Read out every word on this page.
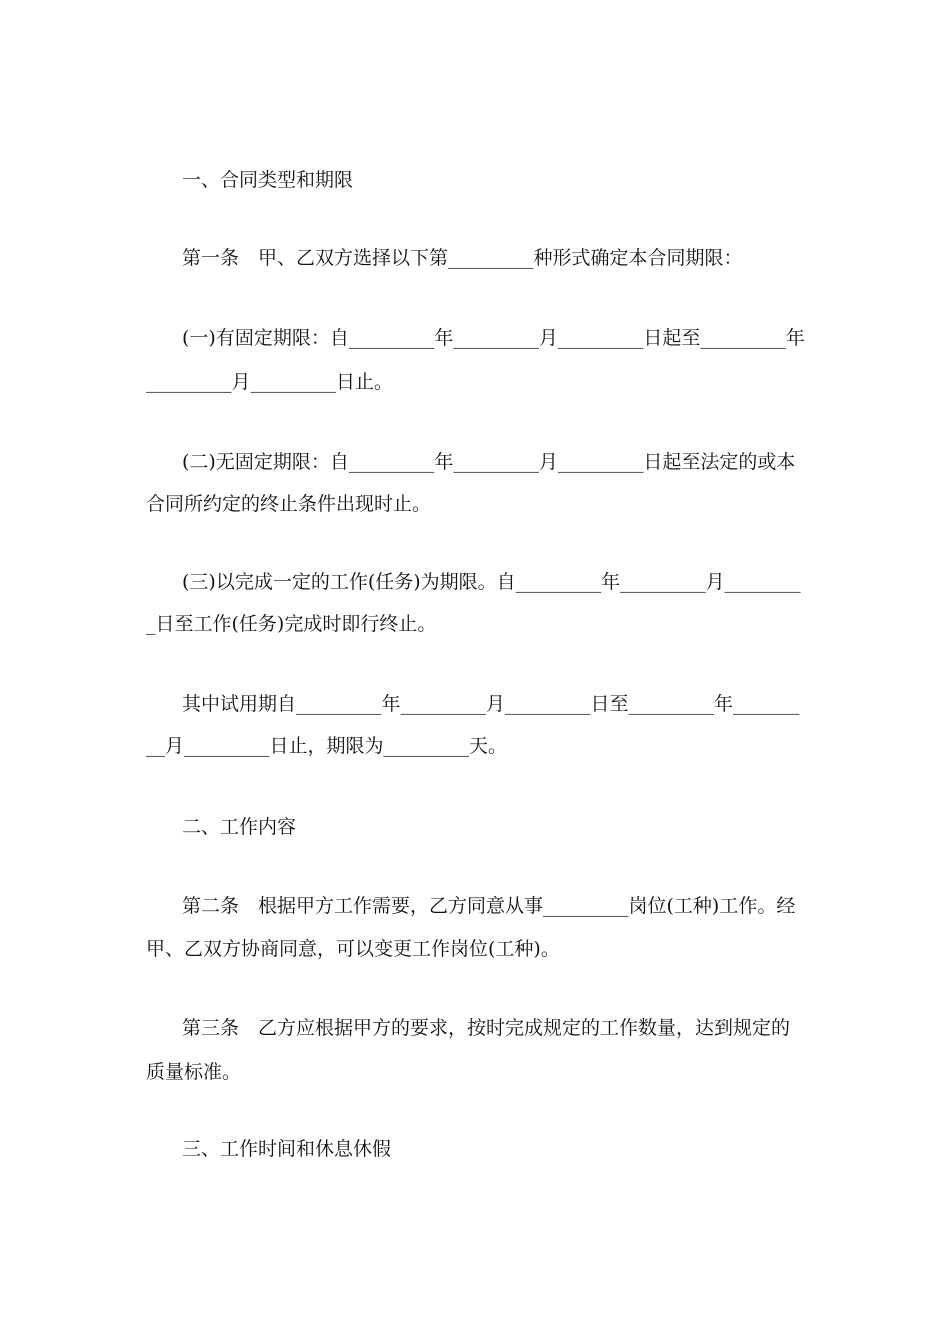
一、合同类型和期限
第一条　甲、乙双方选择以下第_________种形式确定本合同期限：
(一)有固定期限：自_________年_________月_________日起至_________年
_________月_________日止。
(二)无固定期限：自_________年_________月_________日起至法定的或本
合同所约定的终止条件出现时止。
(三)以完成一定的工作(任务)为期限。自_________年_________月________
_日至工作(任务)完成时即行终止。
其中试用期自_________年_________月_________日至_________年_______
__月_________日止，期限为_________天。
二、工作内容
第二条　根据甲方工作需要，乙方同意从事_________岗位(工种)工作。经
甲、乙双方协商同意，可以变更工作岗位(工种)。
第三条　乙方应根据甲方的要求，按时完成规定的工作数量，达到规定的
质量标准。
三、工作时间和休息休假
